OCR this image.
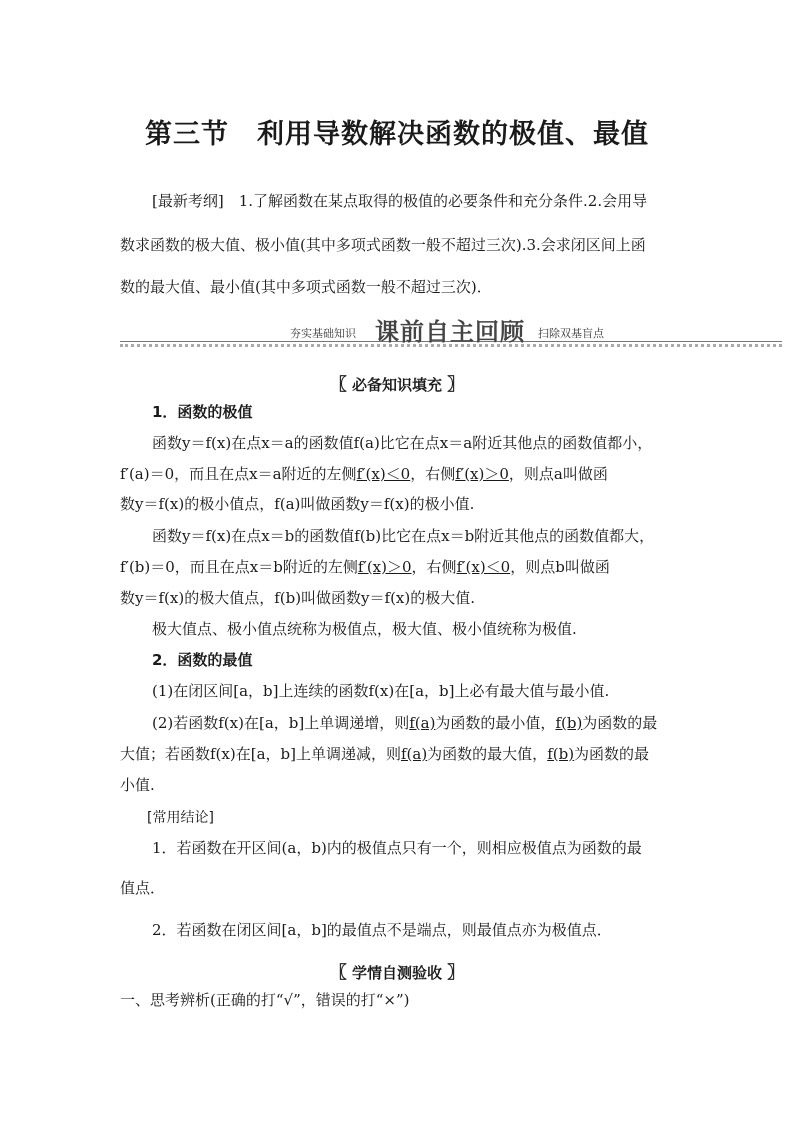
第三节　利用导数解决函数的极值、最值

[最新考纲]　1.了解函数在某点取得的极值的必要条件和充分条件.2.会用导

数求函数的极大值、极小值(其中多项式函数一般不超过三次).3.会求闭区间上函

数的最大值、最小值(其中多项式函数一般不超过三次)．

夯实基础知识 课前自主回顾 扫除双基盲点
〖 必备知识填充 〗
1．函数的极值
函数y＝f(x)在点x＝a的函数值f(a)比它在点x＝a附近其他点的函数值都小，
f′(a)＝0，而且在点x＝a附近的左侧f′(x)＜0，右侧f′(x)＞0，则点a叫做函
数y＝f(x)的极小值点，f(a)叫做函数y＝f(x)的极小值.
函数y＝f(x)在点x＝b的函数值f(b)比它在点x＝b附近其他点的函数值都大，
f′(b)＝0，而且在点x＝b附近的左侧f′(x)＞0，右侧f′(x)＜0，则点b叫做函
数y＝f(x)的极大值点，f(b)叫做函数y＝f(x)的极大值.
极大值点、极小值点统称为极值点，极大值、极小值统称为极值.
2．函数的最值
(1)在闭区间[a，b]上连续的函数f(x)在[a，b]上必有最大值与最小值.
(2)若函数f(x)在[a，b]上单调递增，则f(a)为函数的最小值，f(b)为函数的最
大值；若函数f(x)在[a，b]上单调递减，则f(a)为函数的最大值，f(b)为函数的最
小值.
[常用结论]
1．若函数在开区间(a，b)内的极值点只有一个，则相应极值点为函数的最
值点．
2．若函数在闭区间[a，b]的最值点不是端点，则最值点亦为极值点．
〖 学情自测验收 〗
一、思考辨析(正确的打“√”，错误的打“×”)
